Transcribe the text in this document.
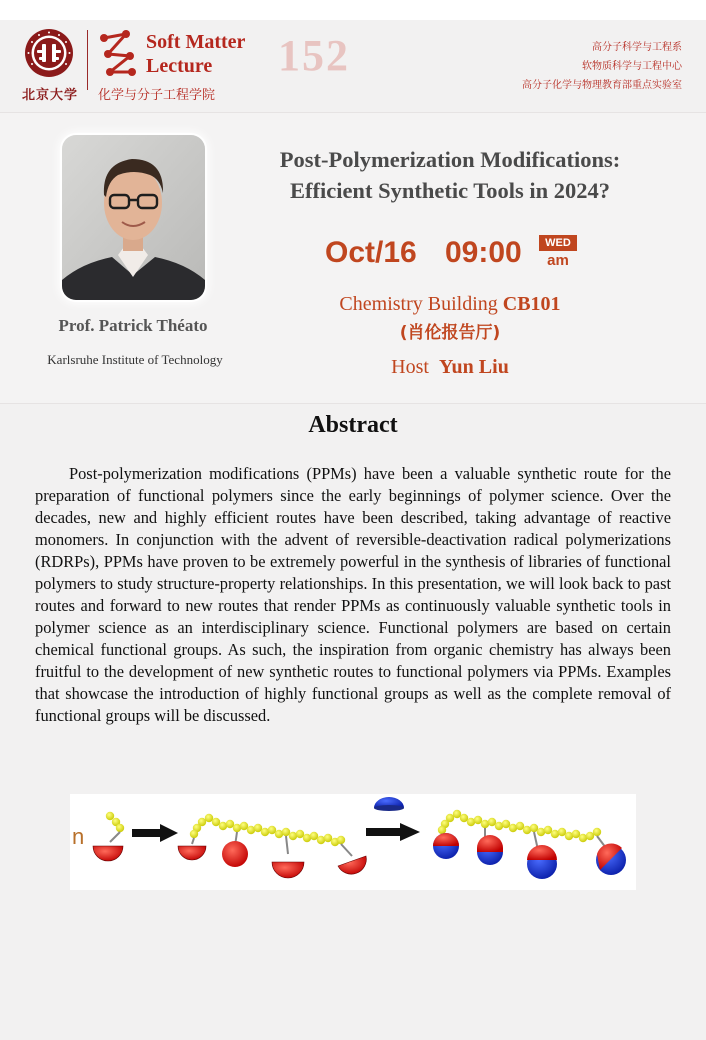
北京大学
Soft Matter
Lecture
化学与分子工程学院
152	高分子科学与工程系
软物质科学与工程中心
高分子化学与物理教育部重点实验室
Prof. Patrick Théato
Karlsruhe Institute of Technology
Post-Polymerization Modifications: Efficient Synthetic Tools in 2024?
Oct/16 09:00	WED
am
Chemistry Building CB101
(肖伦报告厅)
Host Yun Liu
Abstract
Post-polymerization modifications (PPMs) have been a valuable synthetic route for the preparation of functional polymers since the early beginnings of polymer science. Over the decades, new and highly efficient routes have been described, taking advantage of reactive monomers. In conjunction with the advent of reversible-deactivation radical polymerizations (RDRPs), PPMs have proven to be extremely powerful in the synthesis of libraries of functional polymers to study structure-property relationships. In this presentation, we will look back to past routes and forward to new routes that render PPMs as continuously valuable synthetic tools in polymer science as an interdisciplinary science. Functional polymers are based on certain chemical functional groups. As such, the inspiration from organic chemistry has always been fruitful to the development of new synthetic routes to functional polymers via PPMs. Examples that showcase the introduction of highly functional groups as well as the complete removal of functional groups will be discussed.
n
